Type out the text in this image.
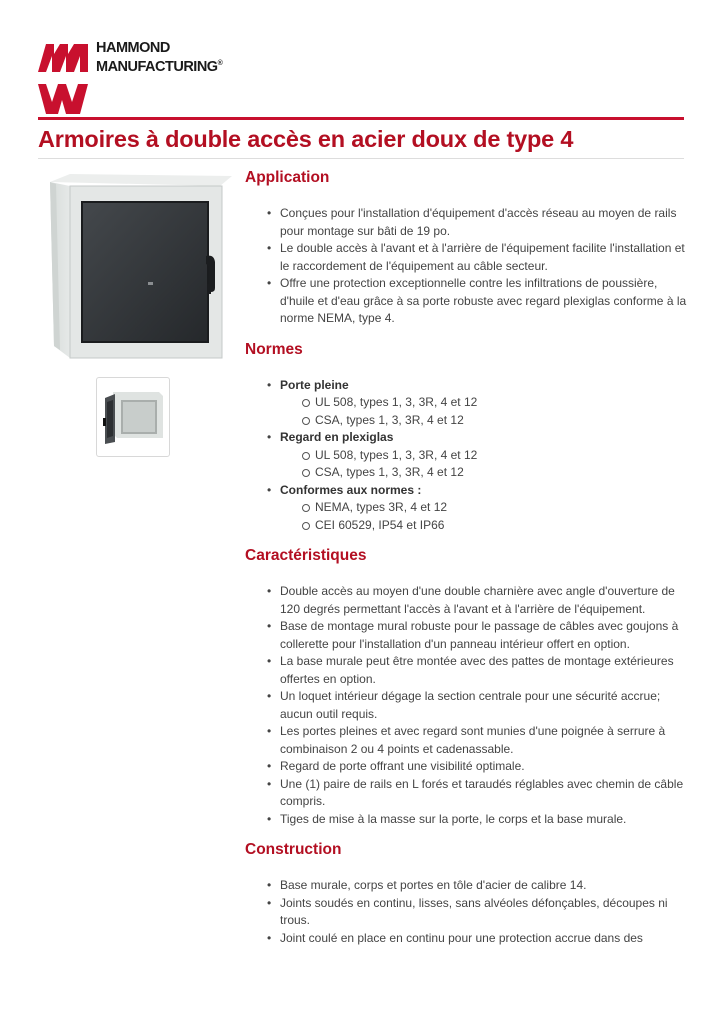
HAMMOND
MANUFACTURING®
Armoires à double accès en acier doux de type 4
Application
• Conçues pour l'installation d'équipement d'accès réseau au moyen de rails pour montage sur bâti de 19 po.
• Le double accès à l'avant et à l'arrière de l'équipement facilite l'installation et le raccordement de l'équipement au câble secteur.
• Offre une protection exceptionnelle contre les infiltrations de poussière, d'huile et d'eau grâce à sa porte robuste avec regard plexiglas conforme à la norme NEMA, type 4.
Normes
• Porte pleine
UL 508, types 1, 3, 3R, 4 et 12
CSA, types 1, 3, 3R, 4 et 12
• Regard en plexiglas
UL 508, types 1, 3, 3R, 4 et 12
CSA, types 1, 3, 3R, 4 et 12
• Conformes aux normes :
NEMA, types 3R, 4 et 12
CEI 60529, IP54 et IP66
Caractéristiques
• Double accès au moyen d'une double charnière avec angle d'ouverture de 120 degrés permettant l'accès à l'avant et à l'arrière de l'équipement.
• Base de montage mural robuste pour le passage de câbles avec goujons à collerette pour l'installation d'un panneau intérieur offert en option.
• La base murale peut être montée avec des pattes de montage extérieures offertes en option.
• Un loquet intérieur dégage la section centrale pour une sécurité accrue; aucun outil requis.
• Les portes pleines et avec regard sont munies d'une poignée à serrure à combinaison 2 ou 4 points et cadenassable.
• Regard de porte offrant une visibilité optimale.
• Une (1) paire de rails en L forés et taraudés réglables avec chemin de câble compris.
• Tiges de mise à la masse sur la porte, le corps et la base murale.
Construction
• Base murale, corps et portes en tôle d'acier de calibre 14.
• Joints soudés en continu, lisses, sans alvéoles défonçables, découpes ni trous.
• Joint coulé en place en continu pour une protection accrue dans des
